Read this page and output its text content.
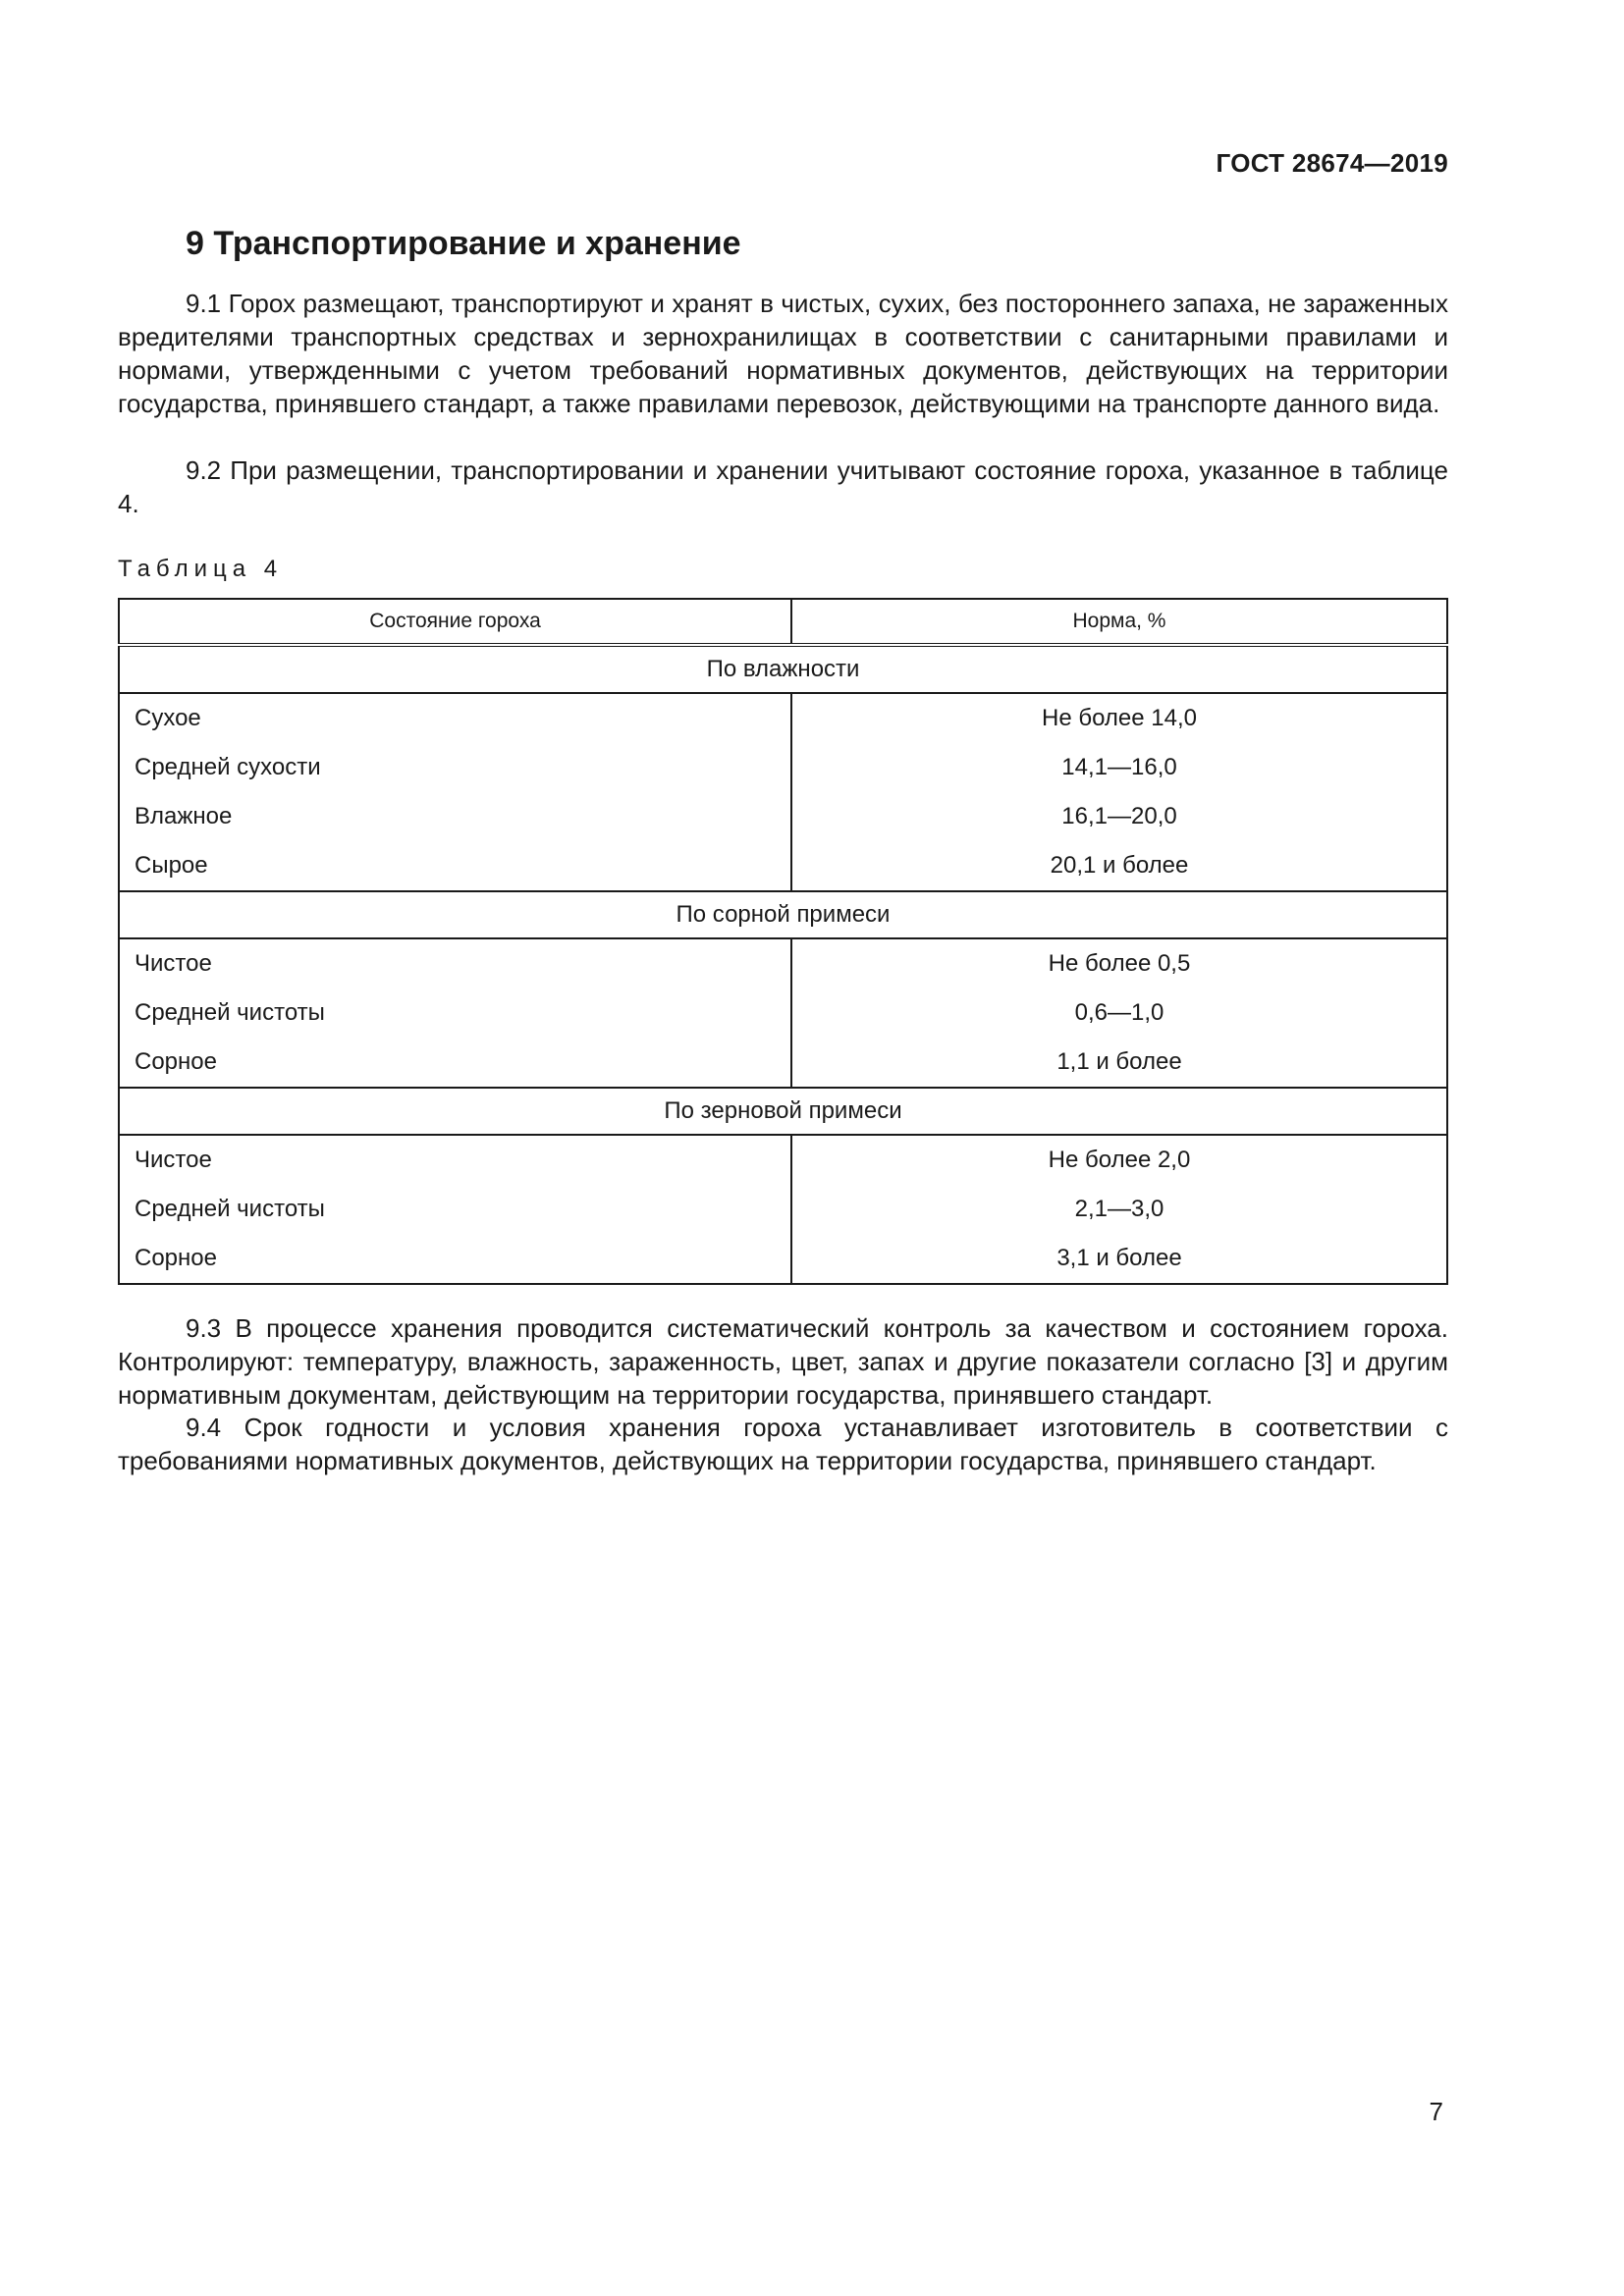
ГОСТ 28674—2019
9 Транспортирование и хранение

9.1 Горох размещают, транспортируют и хранят в чистых, сухих, без постороннего запаха, не зараженных вредителями транспортных средствах и зернохранилищах в соответствии с санитарными правилами и нормами, утвержденными с учетом требований нормативных документов, действующих на территории государства, принявшего стандарт, а также правилами перевозок, действующими на транспорте данного вида.

9.2 При размещении, транспортировании и хранении учитывают состояние гороха, указанное в таблице 4.

Таблица 4
Состояние гороха	Норма, %
По влажности	
Сухое	Не более 14,0
Средней сухости	14,1—16,0
Влажное	16,1—20,0
Сырое	20,1 и более
По сорной примеси	
Чистое	Не более 0,5
Средней чистоты	0,6—1,0
Сорное	1,1 и более
По зерновой примеси	
Чистое	Не более 2,0
Средней чистоты	2,1—3,0
Сорное	3,1 и более

9.3 В процессе хранения проводится систематический контроль за качеством и состоянием гороха. Контролируют: температуру, влажность, зараженность, цвет, запах и другие показатели согласно [3] и другим нормативным документам, действующим на территории государства, принявшего стандарт.

9.4 Срок годности и условия хранения гороха устанавливает изготовитель в соответствии с требованиями нормативных документов, действующих на территории государства, принявшего стандарт.

7
